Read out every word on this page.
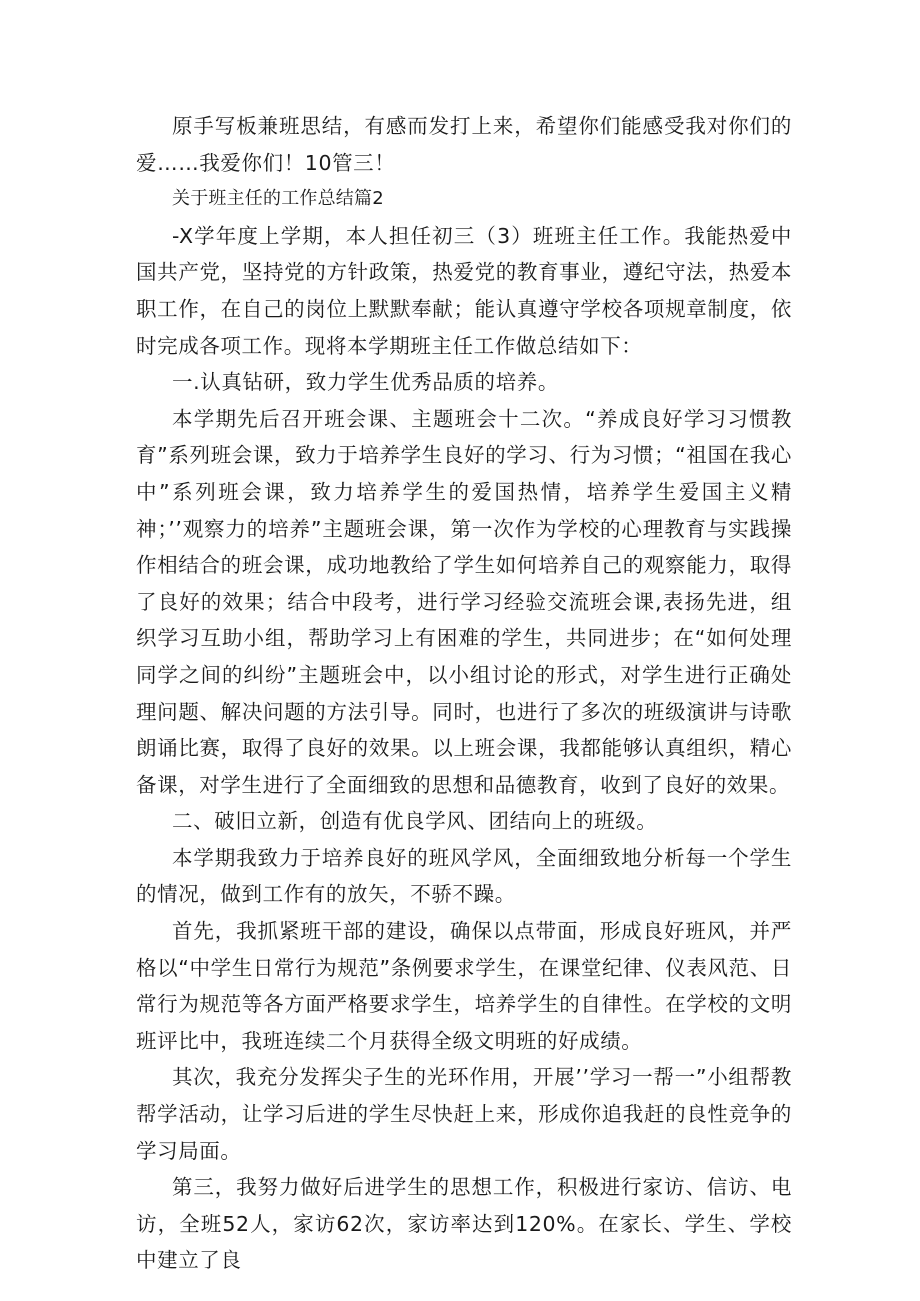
原手写板兼班思结，有感而发打上来，希望你们能感受我对你们的爱……我爱你们！10管三！

关于班主任的工作总结篇2

-X学年度上学期，本人担任初三（3）班班主任工作。我能热爱中国共产党，坚持党的方针政策，热爱党的教育事业，遵纪守法，热爱本职工作，在自己的岗位上默默奉献；能认真遵守学校各项规章制度，依时完成各项工作。现将本学期班主任工作做总结如下：

一.认真钻研，致力学生优秀品质的培养。

本学期先后召开班会课、主题班会十二次。“养成良好学习习惯教育”系列班会课，致力于培养学生良好的学习、行为习惯；“祖国在我心中”系列班会课，致力培养学生的爱国热情，培养学生爱国主义精神；’’观察力的培养”主题班会课，第一次作为学校的心理教育与实践操作相结合的班会课，成功地教给了学生如何培养自己的观察能力，取得了良好的效果；结合中段考，进行学习经验交流班会课,表扬先进，组织学习互助小组，帮助学习上有困难的学生，共同进步；在“如何处理同学之间的纠纷”主题班会中，以小组讨论的形式，对学生进行正确处理问题、解决问题的方法引导。同时，也进行了多次的班级演讲与诗歌朗诵比赛，取得了良好的效果。以上班会课，我都能够认真组织，精心备课，对学生进行了全面细致的思想和品德教育，收到了良好的效果。

二、破旧立新，创造有优良学风、团结向上的班级。

本学期我致力于培养良好的班风学风，全面细致地分析每一个学生的情况，做到工作有的放矢，不骄不躁。

首先，我抓紧班干部的建设，确保以点带面，形成良好班风，并严格以“中学生日常行为规范”条例要求学生，在课堂纪律、仪表风范、日常行为规范等各方面严格要求学生，培养学生的自律性。在学校的文明班评比中，我班连续二个月获得全级文明班的好成绩。

其次，我充分发挥尖子生的光环作用，开展’’学习一帮一”小组帮教帮学活动，让学习后进的学生尽快赶上来，形成你追我赶的良性竞争的学习局面。

第三，我努力做好后进学生的思想工作，积极进行家访、信访、电访，全班52人，家访62次，家访率达到120%。在家长、学生、学校中建立了良
